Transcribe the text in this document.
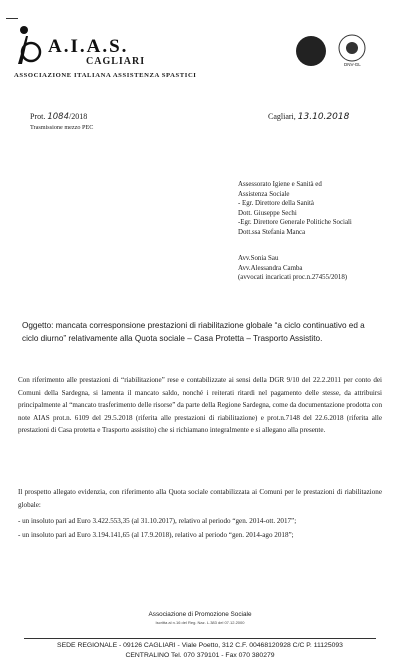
A.I.A.S.
CAGLIARI
ASSOCIAZIONE ITALIANA ASSISTENZA SPASTICI
DNV-GL
Prot. 1084/2018
Trasmissione mezzo PEC
Cagliari, 13.10.2018
Assessorato Igiene e Sanità ed
Assistenza Sociale
- Egr. Direttore della Sanità
Dott. Giuseppe Sechi
-Egr. Direttore Generale Politiche Sociali
Dott.ssa Stefania Manca
Avv.Sonia Sau
Avv.Alessandra Camba
(avvocati incaricati proc.n.27455/2018)
Oggetto: mancata corresponsione prestazioni di riabilitazione globale “a ciclo continuativo ed a ciclo diurno” relativamente alla Quota sociale – Casa Protetta – Trasporto Assistito.
Con riferimento alle prestazioni di “riabilitazione” rese e contabilizzate ai sensi della DGR 9/10 del 22.2.2011 per conto dei Comuni della Sardegna, si lamenta il mancato saldo, nonché i reiterati ritardi nel pagamento delle stesse, da attribuirsi principalmente al “mancato trasferimento delle risorse” da parte della Regione Sardegna, come da documentazione prodotta con note AIAS prot.n. 6109 del 29.5.2018 (riferita alle prestazioni di riabilitazione) e prot.n.7148 del 22.6.2018 (riferita alle prestazioni di Casa protetta e Trasporto assistito) che si richiamano integralmente e si allegano alla presente.
Il prospetto allegato evidenzia, con riferimento alla Quota sociale contabilizzata ai Comuni per le prestazioni di riabilitazione globale:
- un insoluto pari ad Euro 3.422.553,35 (al 31.10.2017), relativo al periodo “gen. 2014-ott. 2017”;
- un insoluto pari ad Euro 3.194.141,65 (al 17.9.2018), relativo al periodo “gen. 2014-ago 2018”;
Associazione di Promozione Sociale
Iscritta al n.16 del Reg. Naz. L.383 del 07.12.2000
SEDE REGIONALE - 09126 CAGLIARI - Viale Poetto, 312 C.F. 00468120928 C/C P. 11125093
CENTRALINO Tel. 070 379101 - Fax 070 380279
